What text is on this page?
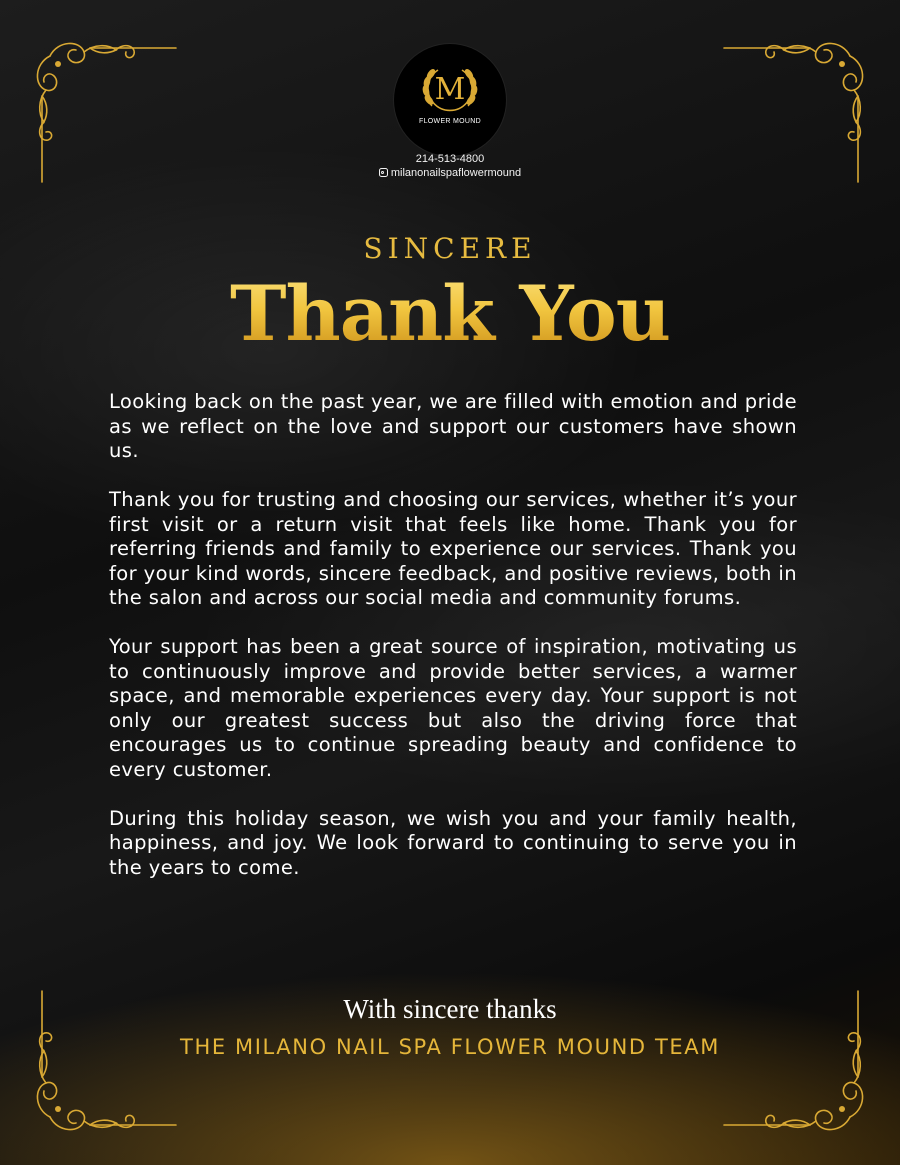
M
FLOWER MOUND
214-513-4800
milanonailspaflowermound
SINCERE
Thank You

Looking back on the past year, we are filled with emotion and pride as we reflect on the love and support our customers have shown us.

Thank you for trusting and choosing our services, whether it’s your first visit or a return visit that feels like home. Thank you for referring friends and family to experience our services. Thank you for your kind words, sincere feedback, and positive reviews, both in the salon and across our social media and community forums.

Your support has been a great source of inspiration, motivating us to continuously improve and provide better services, a warmer space, and memorable experiences every day. Your support is not only our greatest success but also the driving force that encourages us to continue spreading beauty and confidence to every customer.

During this holiday season, we wish you and your family health, happiness, and joy. We look forward to continuing to serve you in the years to come.

With sincere thanks
THE MILANO NAIL SPA FLOWER MOUND TEAM
